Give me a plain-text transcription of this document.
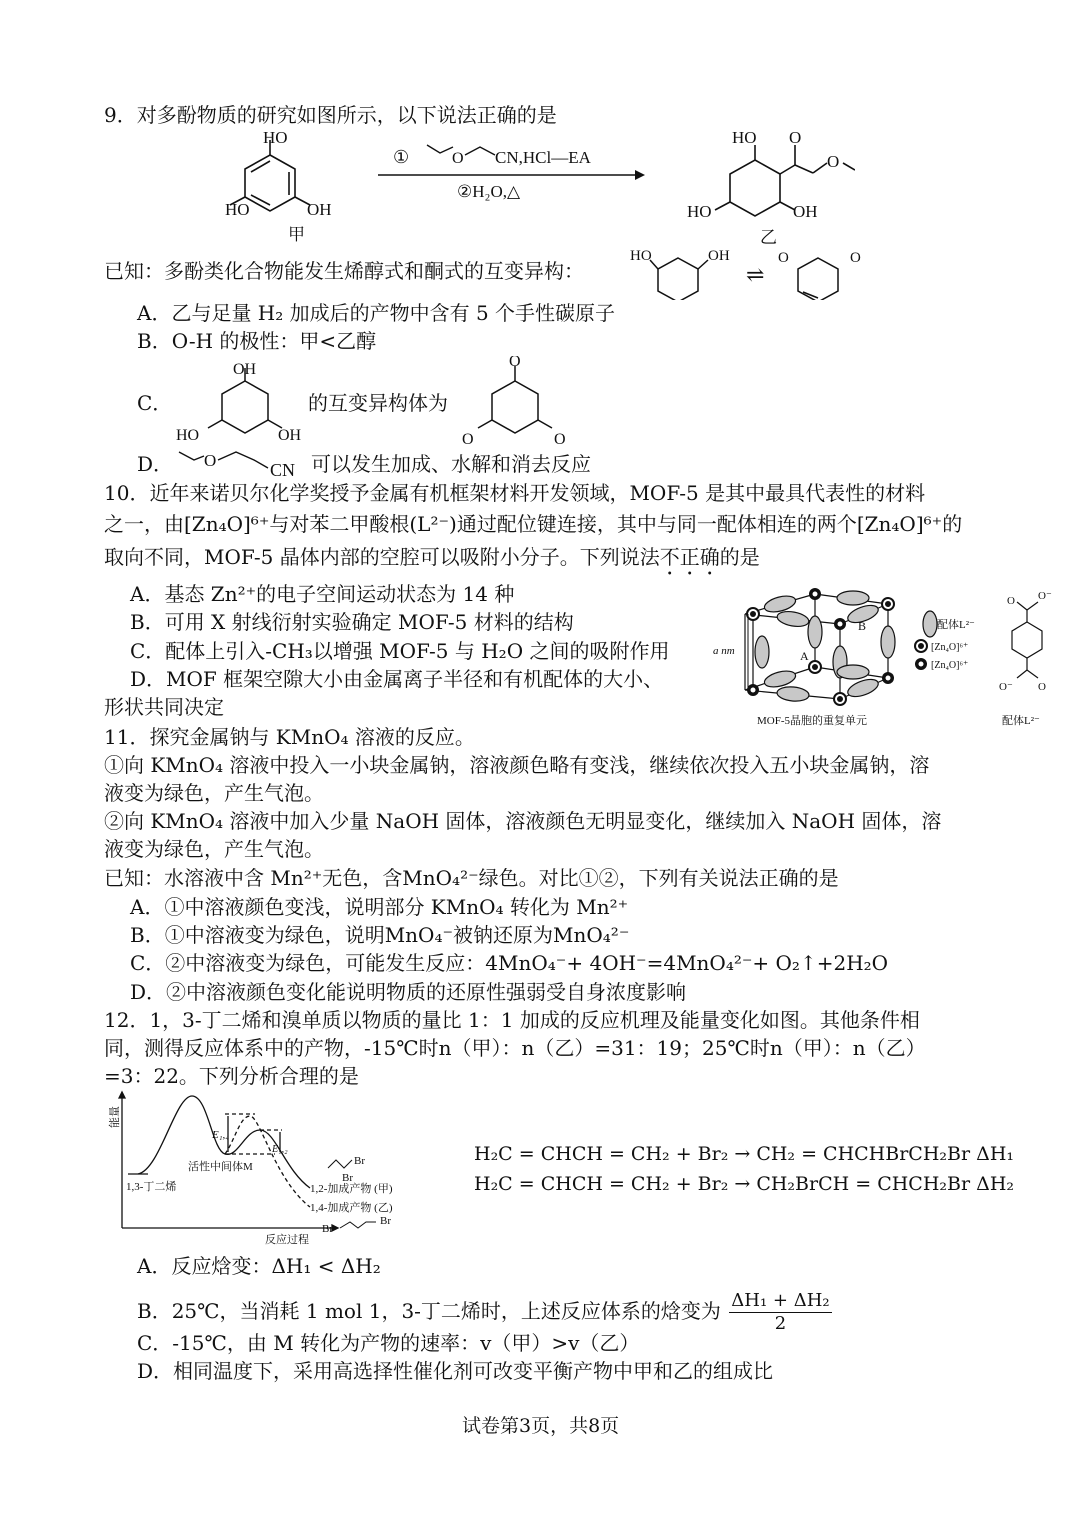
9．对多酚物质的研究如图所示，以下说法正确的是
HO
HO	OH
甲
①	O CN,HCl—EA
②H₂O,△
HO O
O
HO	OH
乙
已知：多酚类化合物能发生烯醇式和酮式的互变异构：
HO	OH
⇌
O	O
A．乙与足量 H₂ 加成后的产物中含有 5 个手性碳原子
B．O-H 的极性：甲<乙醇
C．
OH
HO	OH
O
O	O
的互变异构体为
D． O	CN 可以发生加成、水解和消去反应
10．近年来诺贝尔化学奖授予金属有机框架材料开发领域，MOF-5 是其中最具代表性的材料
之一，由[Zn₄O]⁶⁺与对苯二甲酸根(L²⁻)通过配位键连接，其中与同一配体相连的两个[Zn₄O]⁶⁺的
取向不同，MOF-5 晶体内部的空腔可以吸附小分子。下列说法不正确的是
A．基态 Zn²⁺的电子空间运动状态为 14 种
B．可用 X 射线衍射实验确定 MOF-5 材料的结构
C．配体上引入-CH₃以增强 MOF-5 与 H₂O 之间的吸附作用
D．MOF 框架空隙大小由金属离子半径和有机配体的大小、
形状共同决定
a nm	A
B	配体L²⁻
[Zn₄O]⁶⁺
[Zn₄O]⁶⁺
MOF-5晶胞的重复单元	配体L²⁻
O O⁻
O⁻ O
11．探究金属钠与 KMnO₄ 溶液的反应。
①向 KMnO₄ 溶液中投入一小块金属钠，溶液颜色略有变浅，继续依次投入五小块金属钠，溶
液变为绿色，产生气泡。
②向 KMnO₄ 溶液中加入少量 NaOH 固体，溶液颜色无明显变化，继续加入 NaOH 固体，溶
液变为绿色，产生气泡。
已知：水溶液中含 Mn²⁺无色，含MnO₄²⁻绿色。对比①②，下列有关说法正确的是
A．①中溶液颜色变浅，说明部分 KMnO₄ 转化为 Mn²⁺
B．①中溶液变为绿色，说明MnO₄⁻被钠还原为MnO₄²⁻
C．②中溶液变为绿色，可能发生反应：4MnO₄⁻+ 4OH⁻=4MnO₄²⁻+ O₂↑+2H₂O
D．②中溶液颜色变化能说明物质的还原性强弱受自身浓度影响
12．1，3-丁二烯和溴单质以物质的量比 1：1 加成的反应机理及能量变化如图。其他条件相
同，测得反应体系中的产物，-15℃时n（甲）：n（乙）=31：19；25℃时n（甲）：n（乙）
=3：22。下列分析合理的是
能量
E₁,₄
E₁,₂
活性中间体M
1,3-丁二烯	1,2-加成产物 (甲)
1,4-加成产物 (乙)
反应过程
Br
Br
Br
Br
H₂C = CHCH = CH₂ + Br₂ → CH₂ = CHCHBrCH₂Br ΔH₁
H₂C = CHCH = CH₂ + Br₂ → CH₂BrCH = CHCH₂Br ΔH₂
A．反应焓变：ΔH₁ < ΔH₂
B．25℃，当消耗 1 mol 1，3-丁二烯时，上述反应体系的焓变为 $\frac{\text{ΔH₁ + ΔH₂}}{2}$
C．-15℃，由 M 转化为产物的速率：v（甲）>v（乙）
D．相同温度下，采用高选择性催化剂可改变平衡产物中甲和乙的组成比
试卷第3页，共8页
